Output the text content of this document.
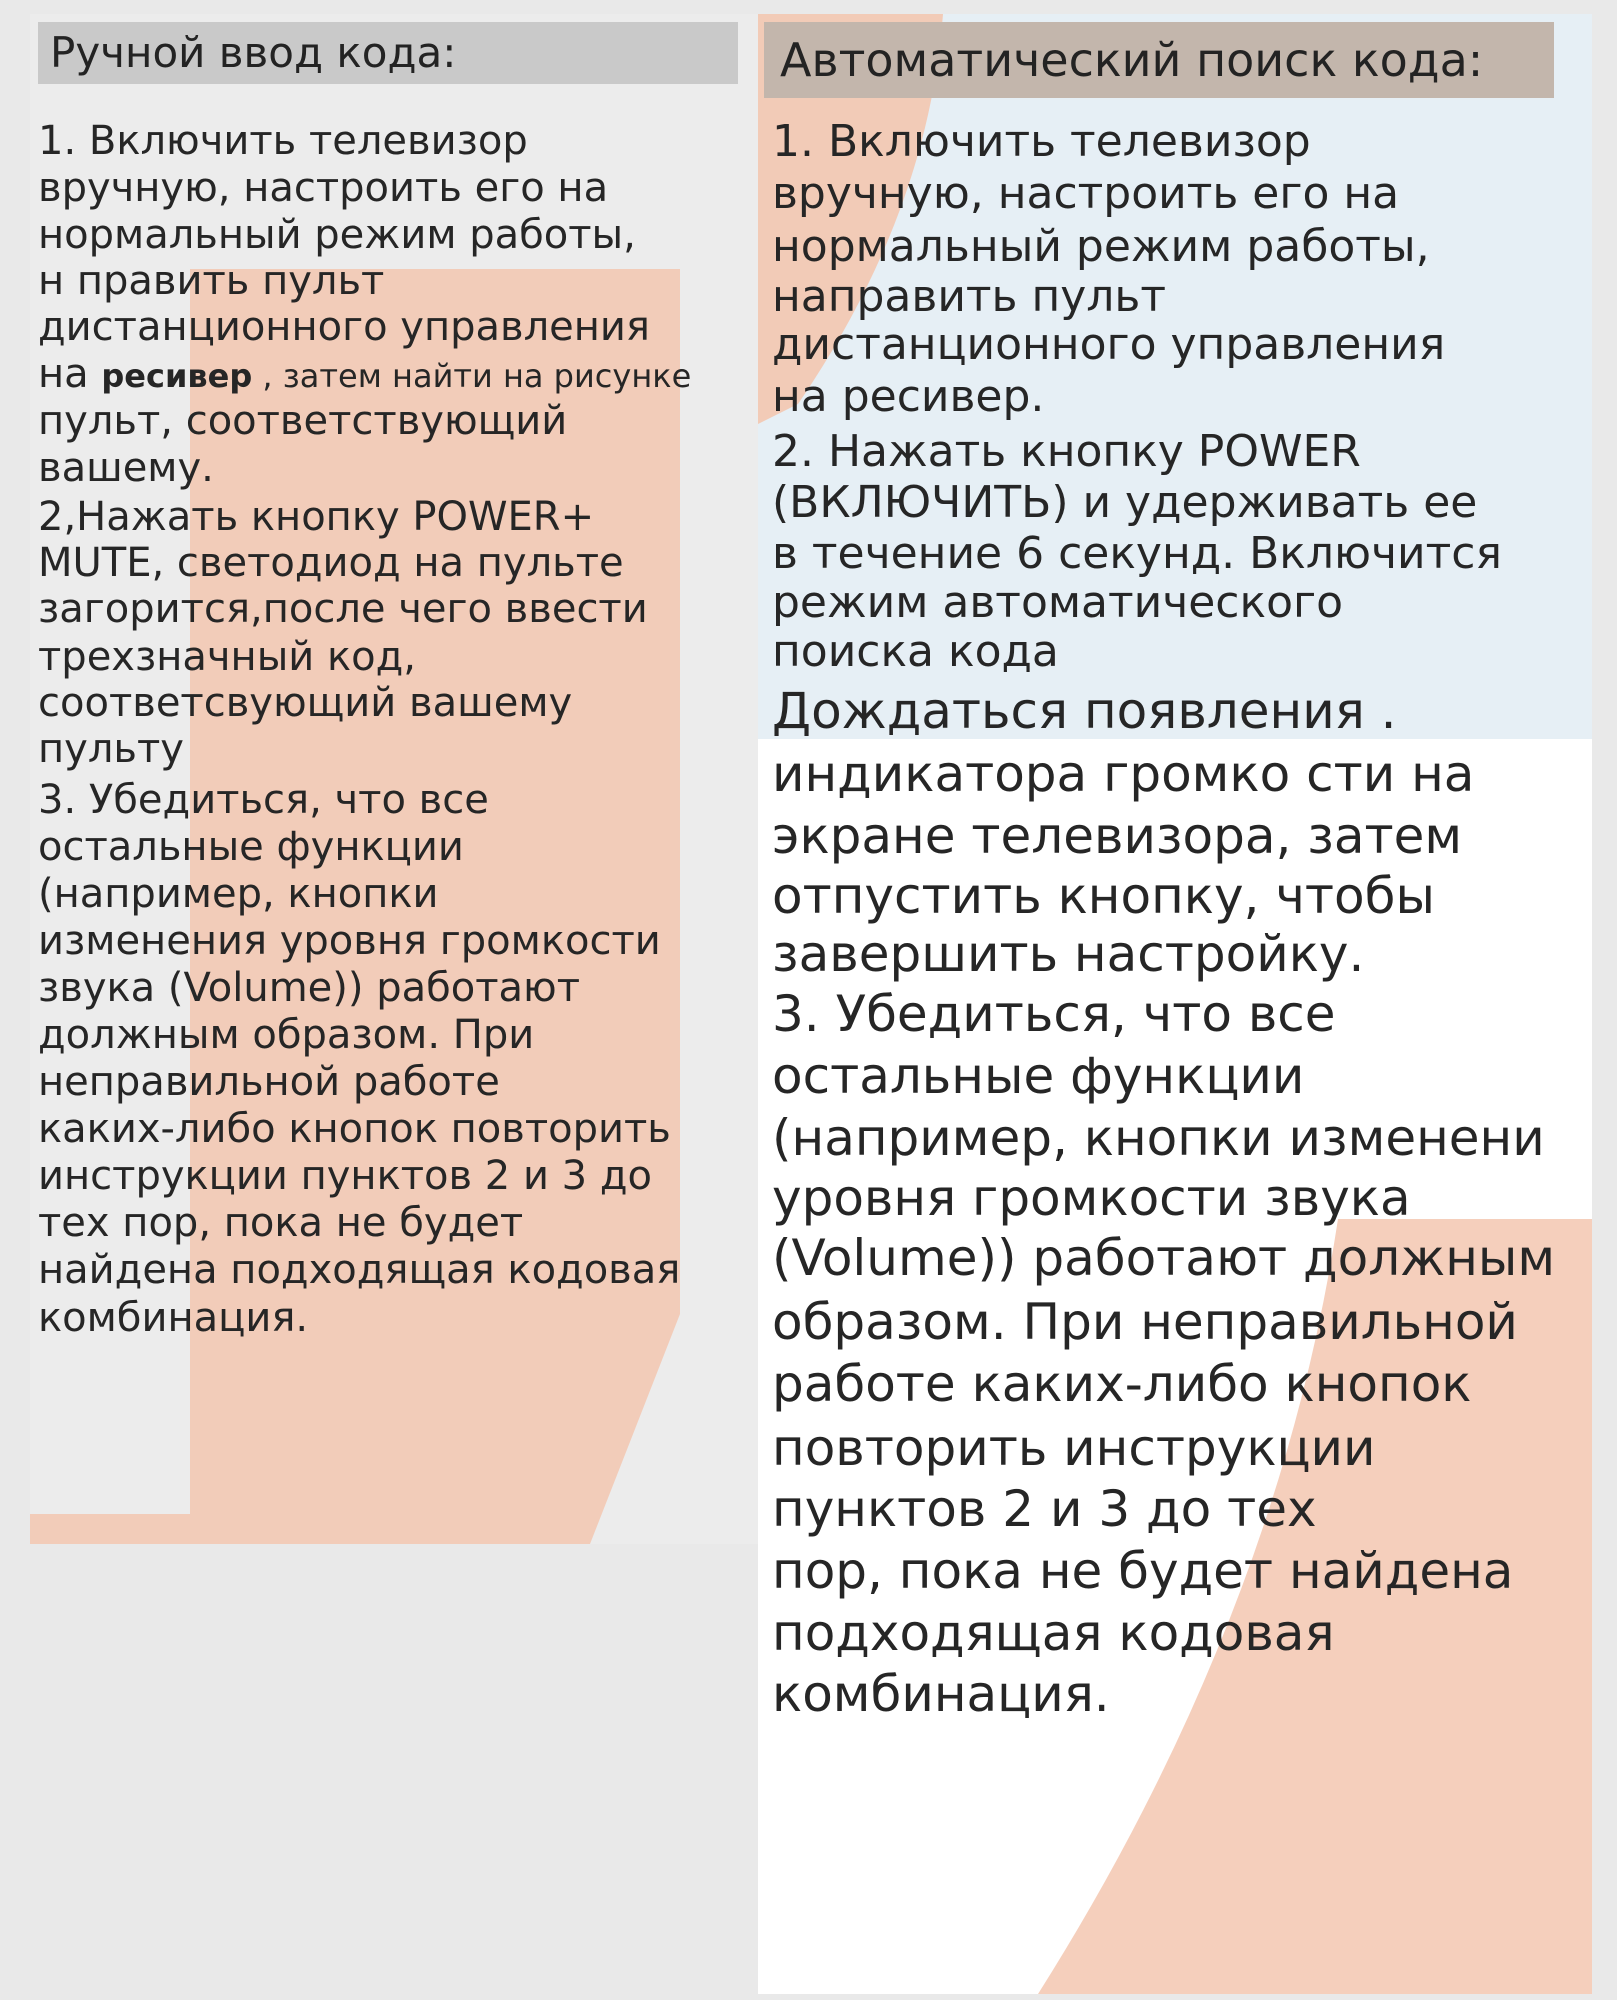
Ручной ввод кода:
1. Включить телевизор
вручную, настроить его на
нормальный режим работы,
н править пульт
дистанционного управления
на ресивер , затем найти на рисунке
пульт, соответствующий
вашему.
2,Нажать кнопку POWER+
MUTE, светодиод на пульте
загорится,после чего ввести
трехзначный код,
соответсвующий вашему
пульту
3. Убедиться, что все
остальные функции
(например, кнопки
изменения уровня громкости
звука (Volume)) работают
должным образом. При
неправильной работе
каких-либо кнопок повторить
инструкции пунктов 2 и 3 до
тех пор, пока не будет
найдена подходящая кодовая
комбинация.
Автоматический поиск кода:
1. Включить телевизор
вручную, настроить его на
нормальный режим работы,
направить пульт
дистанционного управления
на ресивер.
2. Нажать кнопку POWER
(ВКЛЮЧИТЬ) и удерживать ее
в течение 6 секунд. Включится
режим автоматического
поиска кода
Дождаться появления .
индикатора громко сти на
экране телевизора, затем
отпустить кнопку, чтобы
завершить настройку.
3. Убедиться, что все
остальные функции
(например, кнопки изменени
уровня громкости звука
(Volume)) работают должным
образом. При неправильной
работе каких-либо кнопок
повторить инструкции
пунктов 2 и 3 до тех
пор, пока не будет найдена
подходящая кодовая
комбинация.
